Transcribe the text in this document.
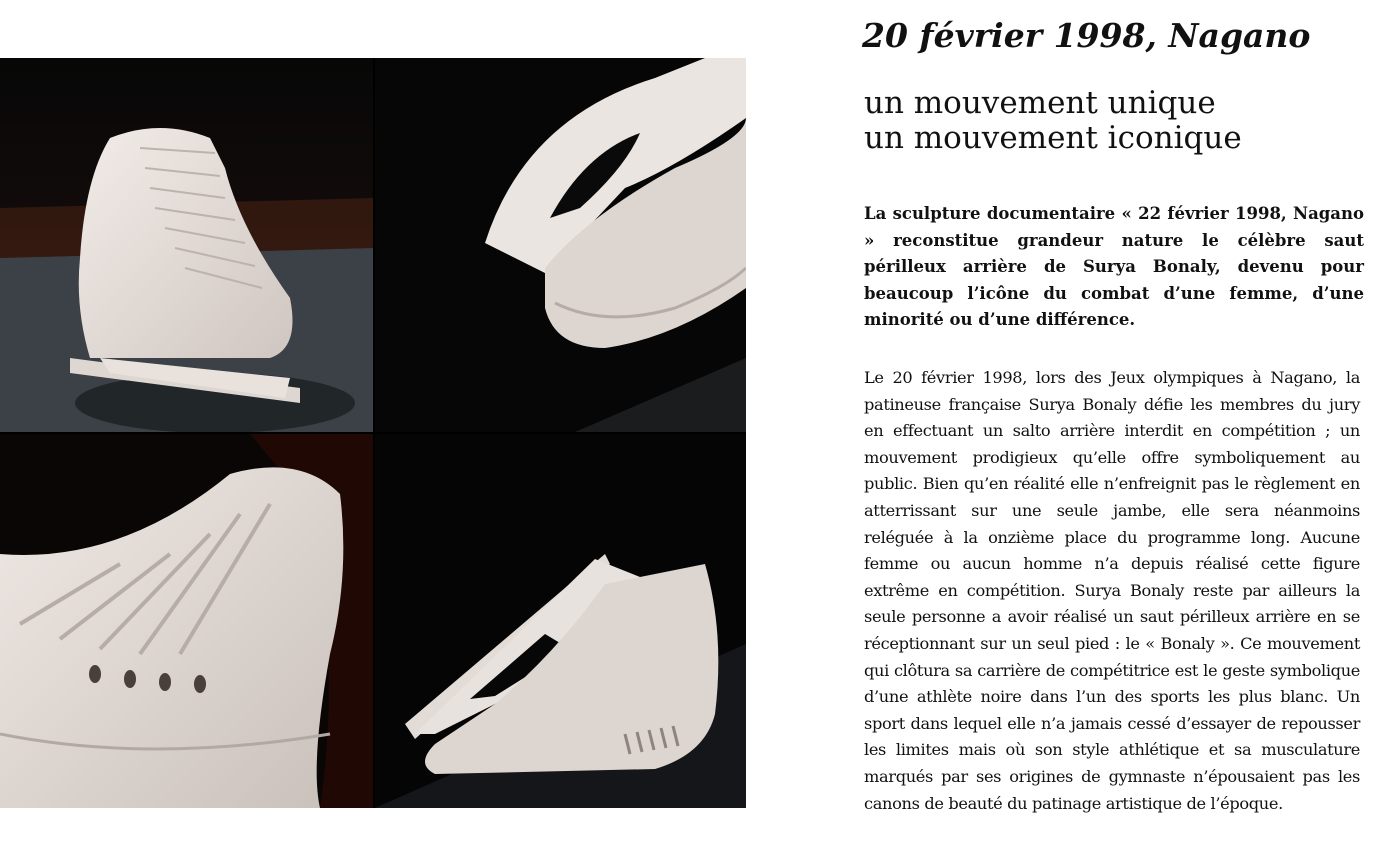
20 février 1998, Nagano
un mouvement unique
un mouvement iconique

La sculpture documentaire « 22 février 1998, Nagano » reconstitue grandeur nature le célèbre saut périlleux arrière de Surya Bonaly, devenu pour beaucoup l’icône du combat d’une femme, d’une minorité ou d’une différence.

Le 20 février 1998, lors des Jeux olympiques à Nagano, la patineuse française Surya Bonaly défie les membres du jury en effectuant un salto arrière interdit en compétition ; un mouvement prodigieux qu’elle offre symboliquement au public. Bien qu’en réalité elle n’enfreignit pas le règlement en atterrissant sur une seule jambe, elle sera néanmoins reléguée à la onzième place du programme long. Aucune femme ou aucun homme n’a depuis réalisé cette figure extrême en compétition. Surya Bonaly reste par ailleurs la seule personne a avoir réalisé un saut périlleux arrière en se réceptionnant sur un seul pied : le « Bonaly ». Ce mouvement qui clôtura sa carrière de compétitrice est le geste symbolique d’une athlète noire dans l’un des sports les plus blanc. Un sport dans lequel elle n’a jamais cessé d’essayer de repousser les limites mais où son style athlétique et sa musculature marqués par ses origines de gymnaste n’épousaient pas les canons de beauté du patinage artistique de l’époque.
